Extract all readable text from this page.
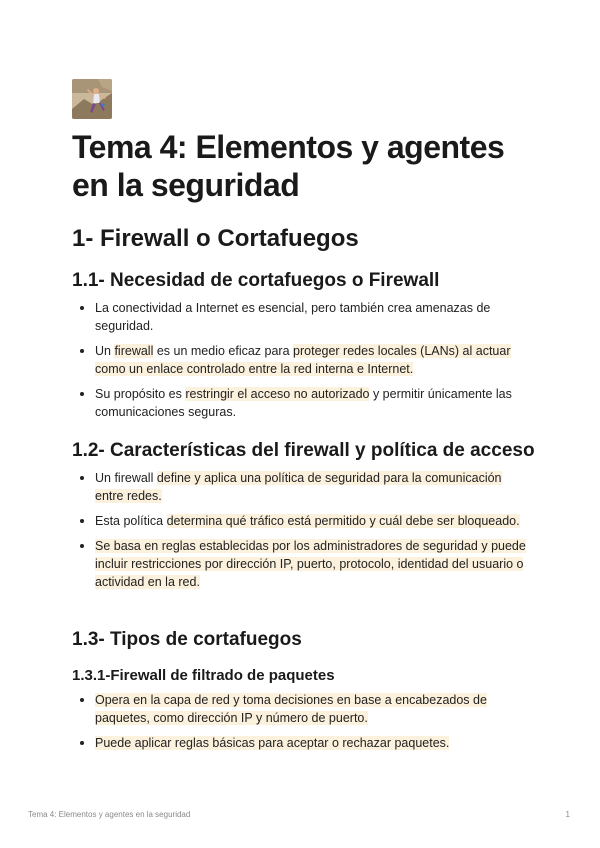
Tema 4: Elementos y agentes en la seguridad
1- Firewall o Cortafuegos
1.1- Necesidad de cortafuegos o Firewall
La conectividad a Internet es esencial, pero también crea amenazas de seguridad.
Un firewall es un medio eficaz para proteger redes locales (LANs) al actuar como un enlace controlado entre la red interna e Internet.
Su propósito es restringir el acceso no autorizado y permitir únicamente las comunicaciones seguras.
1.2- Características del firewall y política de acceso
Un firewall define y aplica una política de seguridad para la comunicación entre redes.
Esta política determina qué tráfico está permitido y cuál debe ser bloqueado.
Se basa en reglas establecidas por los administradores de seguridad y puede incluir restricciones por dirección IP, puerto, protocolo, identidad del usuario o actividad en la red.
1.3- Tipos de cortafuegos
1.3.1-Firewall de filtrado de paquetes
Opera en la capa de red y toma decisiones en base a encabezados de paquetes, como dirección IP y número de puerto.
Puede aplicar reglas básicas para aceptar o rechazar paquetes.
Tema 4: Elementos y agentes en la seguridad	1
